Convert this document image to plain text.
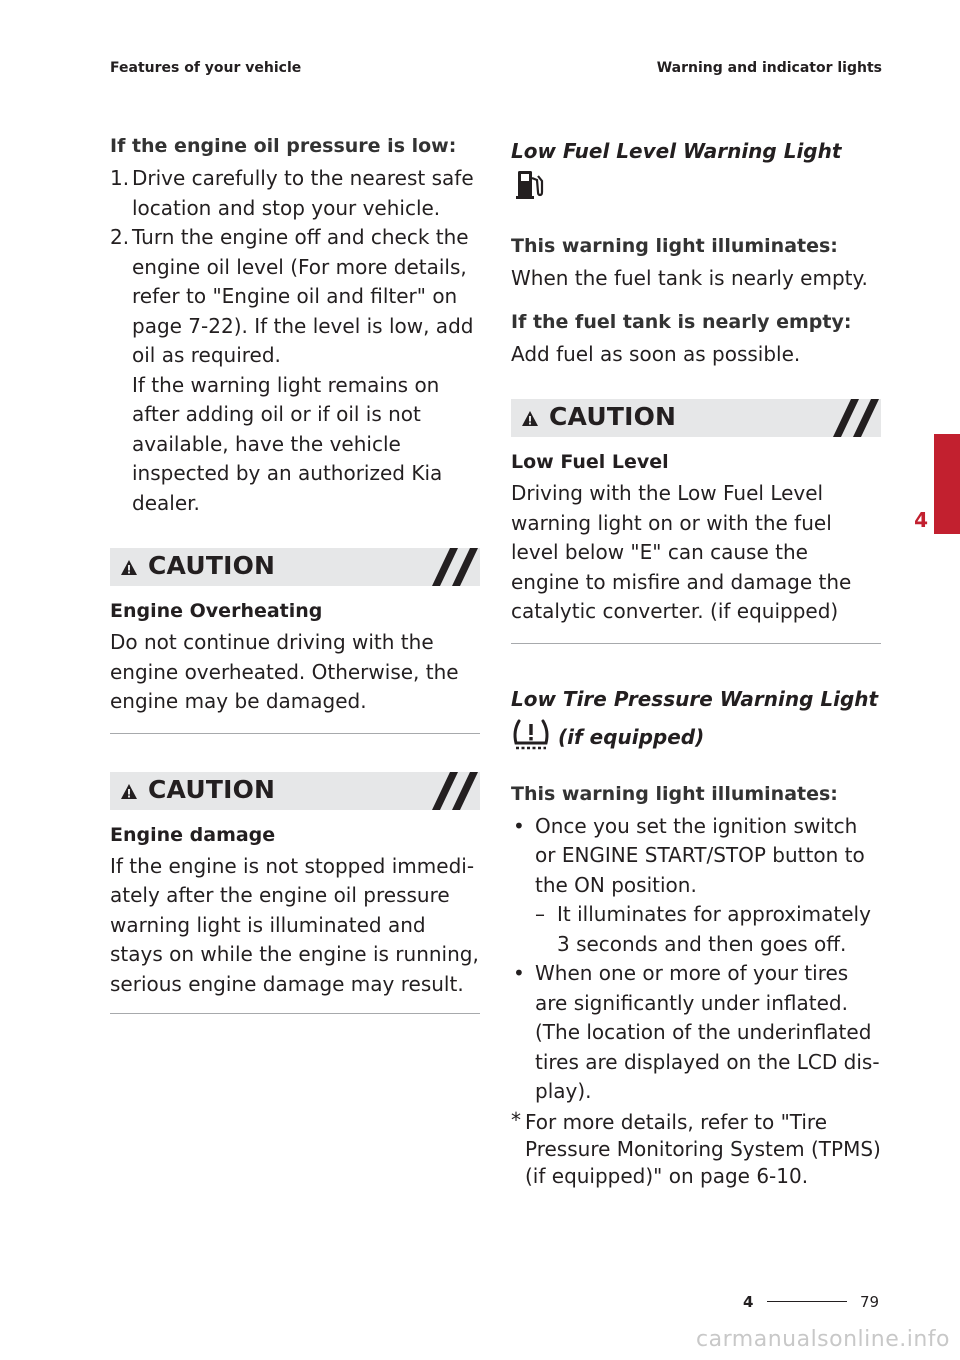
Features of your vehicle	Warning and indicator lights
If the engine oil pressure is low:
1. Drive carefully to the nearest safe location and stop your vehicle.
2. Turn the engine off and check the engine oil level (For more details, refer to "Engine oil and filter" on page 7-22). If the level is low, add oil as required.
If the warning light remains on after adding oil or if oil is not available, have the vehicle inspected by an authorized Kia dealer.
CAUTION
Engine Overheating

Do not continue driving with the engine overheated. Otherwise, the engine may be damaged.

CAUTION
Engine damage

If the engine is not stopped immedi-ately after the engine oil pressure warning light is illuminated and stays on while the engine is running, serious engine damage may result.

Low Fuel Level Warning Light
This warning light illuminates:

When the fuel tank is nearly empty.

If the fuel tank is nearly empty:

Add fuel as soon as possible.

CAUTION
Low Fuel Level

Driving with the Low Fuel Level warning light on or with the fuel level below "E" can cause the engine to misfire and damage the catalytic converter. (if equipped)

Low Tire Pressure Warning Light
(if equipped)
This warning light illuminates:
• Once you set the ignition switch or ENGINE START/STOP button to the ON position.
– It illuminates for approximately 3 seconds and then goes off.
• When one or more of your tires are significantly under inflated. (The location of the underinflated tires are displayed on the LCD dis-play).
* For more details, refer to "Tire Pressure Monitoring System (TPMS) (if equipped)" on page 6-10.
4
4	79
carmanualsonline.info
